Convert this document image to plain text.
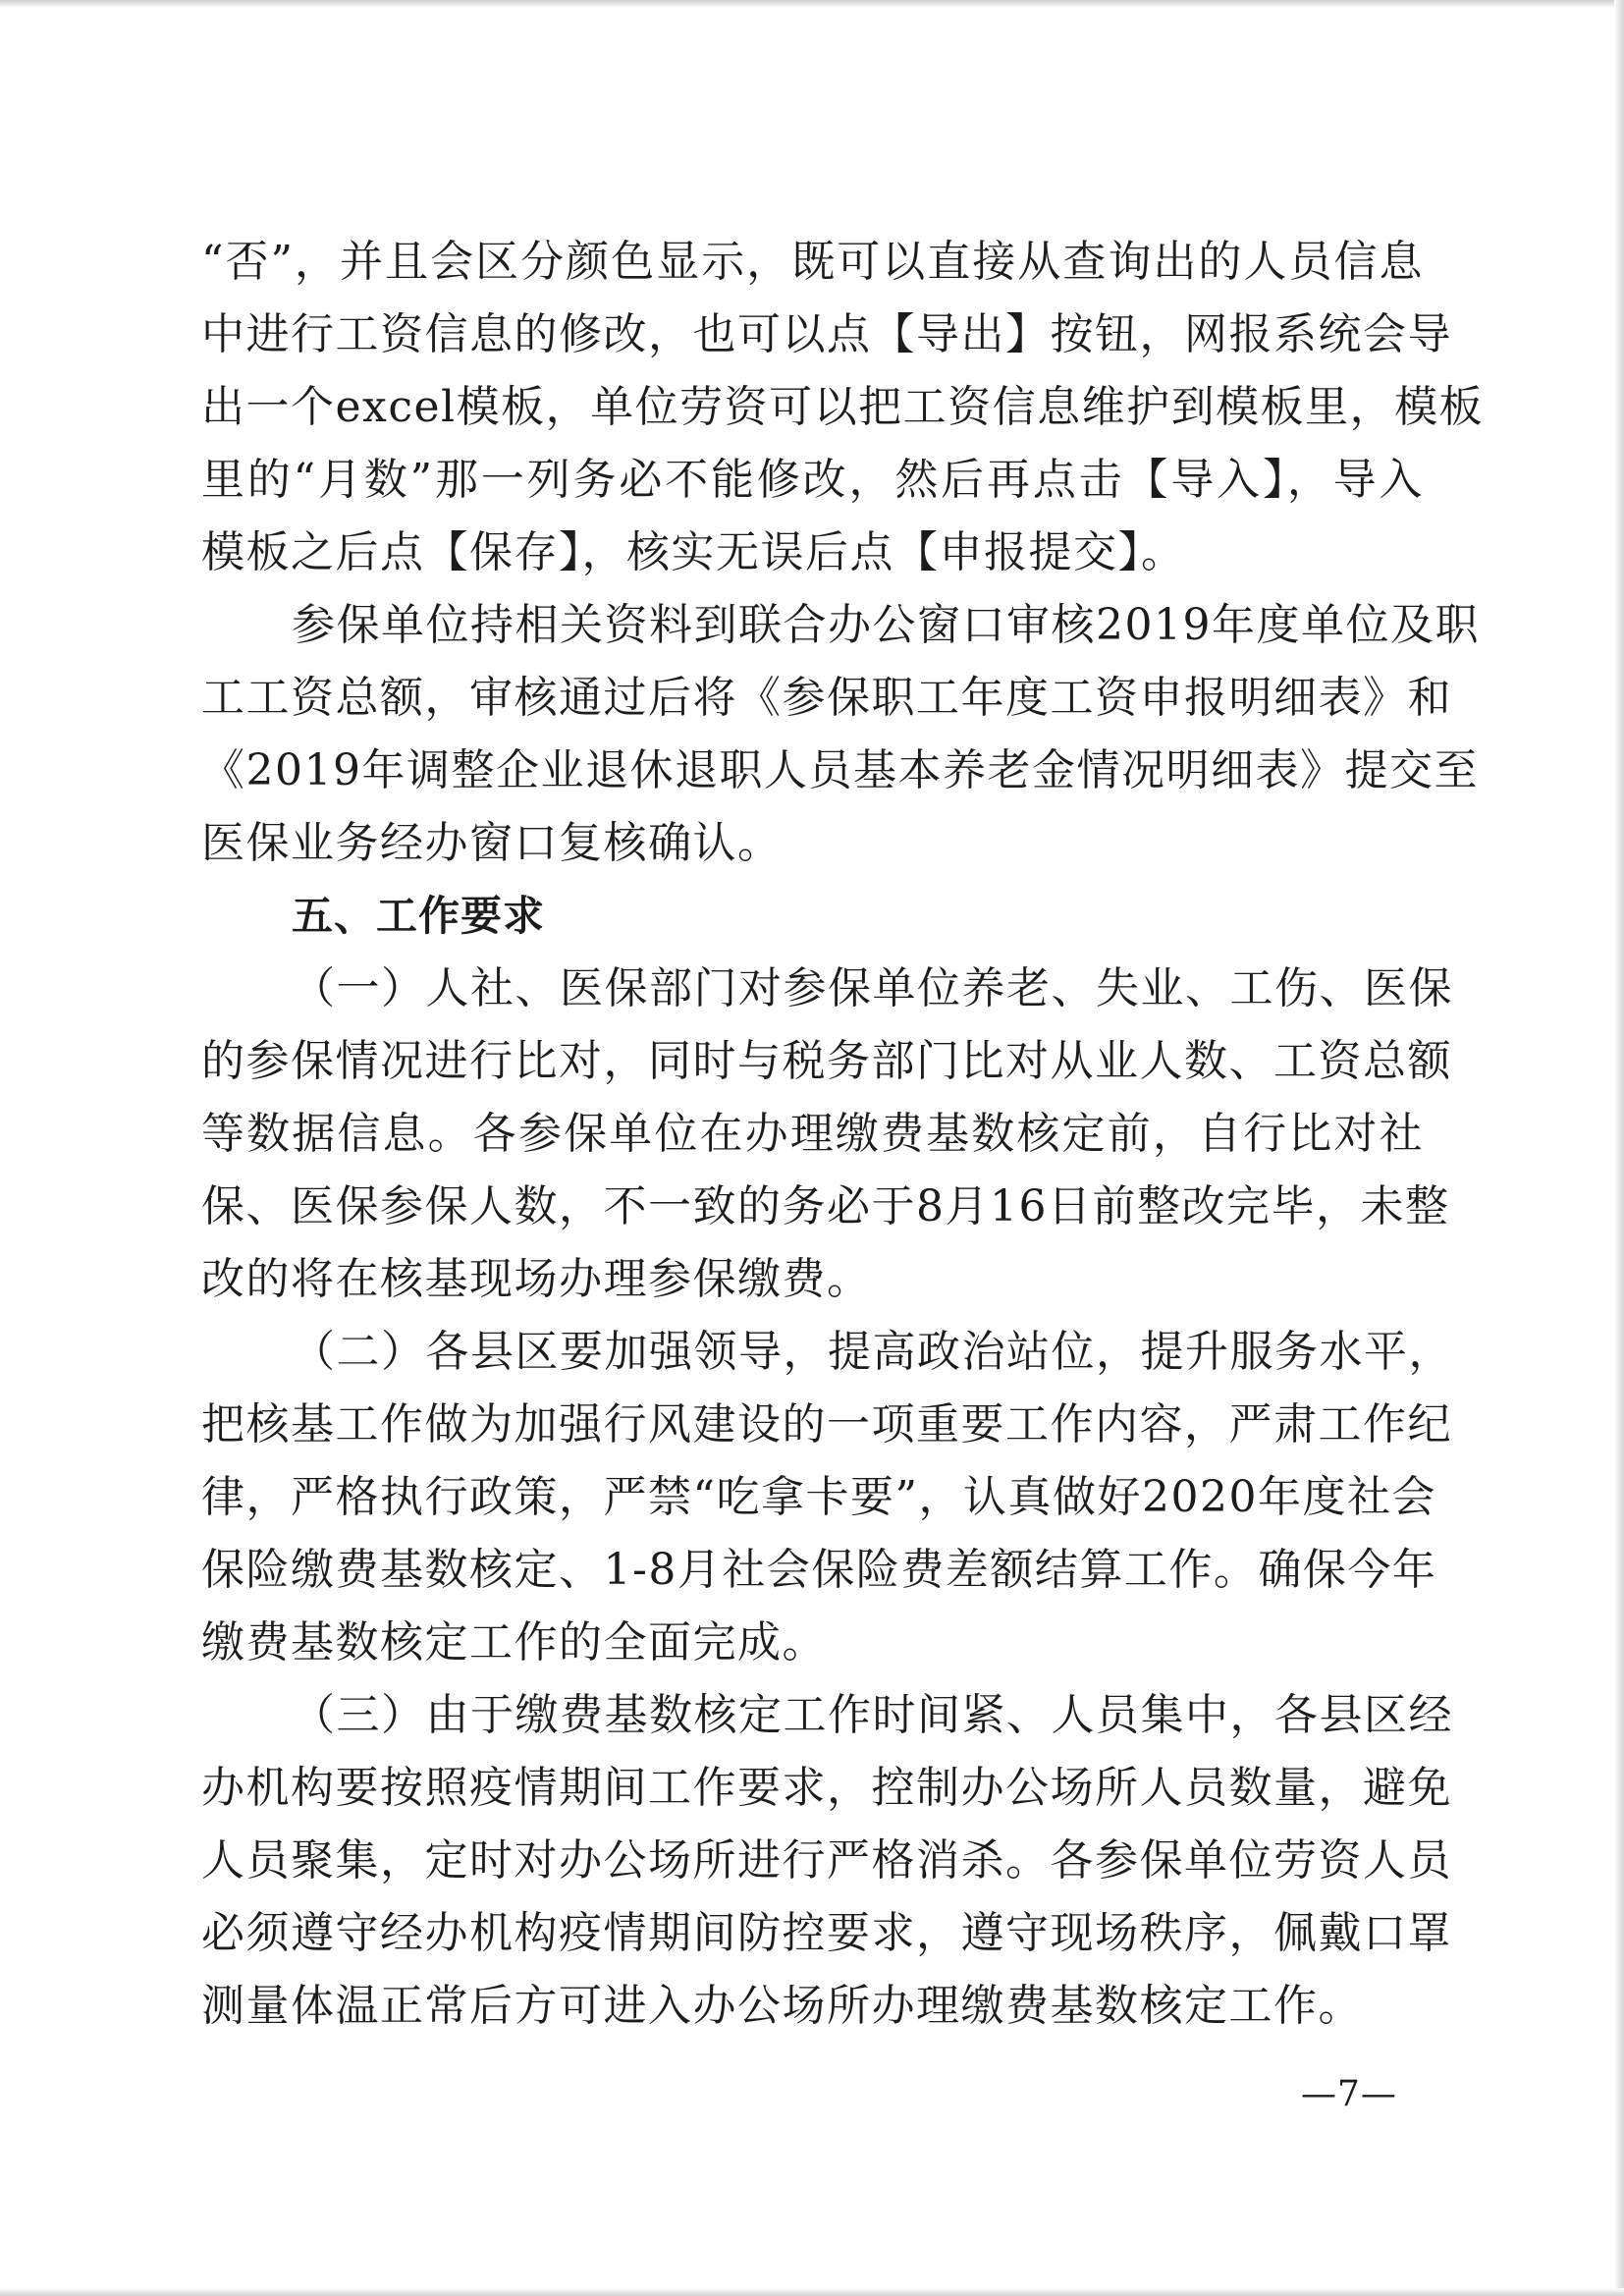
“否”，并且会区分颜色显示，既可以直接从查询出的人员信息
中进行工资信息的修改，也可以点【导出】按钮，网报系统会导
出一个excel模板，单位劳资可以把工资信息维护到模板里，模板
里的“月数”那一列务必不能修改，然后再点击【导入】，导入
模板之后点【保存】，核实无误后点【申报提交】。
参保单位持相关资料到联合办公窗口审核2019年度单位及职
工工资总额，审核通过后将《参保职工年度工资申报明细表》和
《2019年调整企业退休退职人员基本养老金情况明细表》提交至
医保业务经办窗口复核确认。
五、工作要求
（一）人社、医保部门对参保单位养老、失业、工伤、医保
的参保情况进行比对，同时与税务部门比对从业人数、工资总额
等数据信息。各参保单位在办理缴费基数核定前，自行比对社
保、医保参保人数，不一致的务必于8月16日前整改完毕，未整
改的将在核基现场办理参保缴费。
（二）各县区要加强领导，提高政治站位，提升服务水平，
把核基工作做为加强行风建设的一项重要工作内容，严肃工作纪
律，严格执行政策，严禁“吃拿卡要”，认真做好2020年度社会
保险缴费基数核定、1-8月社会保险费差额结算工作。确保今年
缴费基数核定工作的全面完成。
（三）由于缴费基数核定工作时间紧、人员集中，各县区经
办机构要按照疫情期间工作要求，控制办公场所人员数量，避免
人员聚集，定时对办公场所进行严格消杀。各参保单位劳资人员
必须遵守经办机构疫情期间防控要求，遵守现场秩序，佩戴口罩
测量体温正常后方可进入办公场所办理缴费基数核定工作。
—7—
